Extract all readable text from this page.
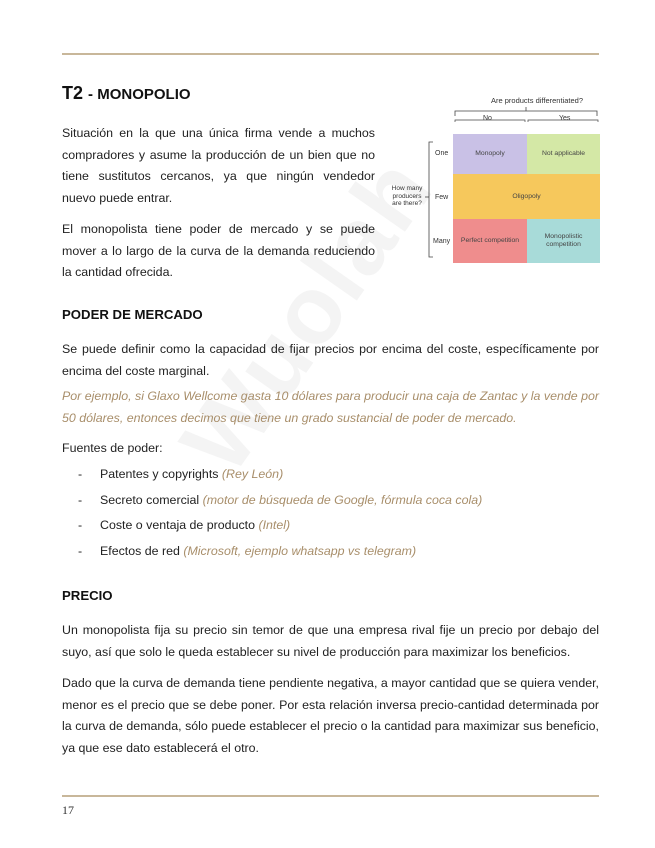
T2 - MONOPOLIO

Situación en la que una única firma vende a muchos compradores y asume la producción de un bien que no tiene sustitutos cercanos, ya que ningún vendedor nuevo puede entrar.

El monopolista tiene poder de mercado y se puede mover a lo largo de la curva de la demanda reduciendo la cantidad ofrecida.

Are products differentiated?
No	Yes
How many producers are there?
One
Few
Many
Monopoly	Not applicable
Oligopoly
Perfect competition
Monopolistic competition
PODER DE MERCADO

Se puede definir como la capacidad de fijar precios por encima del coste, específicamente por encima del coste marginal.

Por ejemplo, si Glaxo Wellcome gasta 10 dólares para producir una caja de Zantac y la vende por 50 dólares, entonces decimos que tiene un grado sustancial de poder de mercado.

Fuentes de poder:

- Patentes y copyrights (Rey León)
- Secreto comercial (motor de búsqueda de Google, fórmula coca cola)
- Coste o ventaja de producto (Intel)
- Efectos de red (Microsoft, ejemplo whatsapp vs telegram)
PRECIO

Un monopolista fija su precio sin temor de que una empresa rival fije un precio por debajo del suyo, así que solo le queda establecer su nivel de producción para maximizar los beneficios.

Dado que la curva de demanda tiene pendiente negativa, a mayor cantidad que se quiera vender, menor es el precio que se debe poner. Por esta relación inversa precio-cantidad determinada por la curva de demanda, sólo puede establecer el precio o la cantidad para maximizar sus beneficio, ya que ese dato establecerá el otro.

17
